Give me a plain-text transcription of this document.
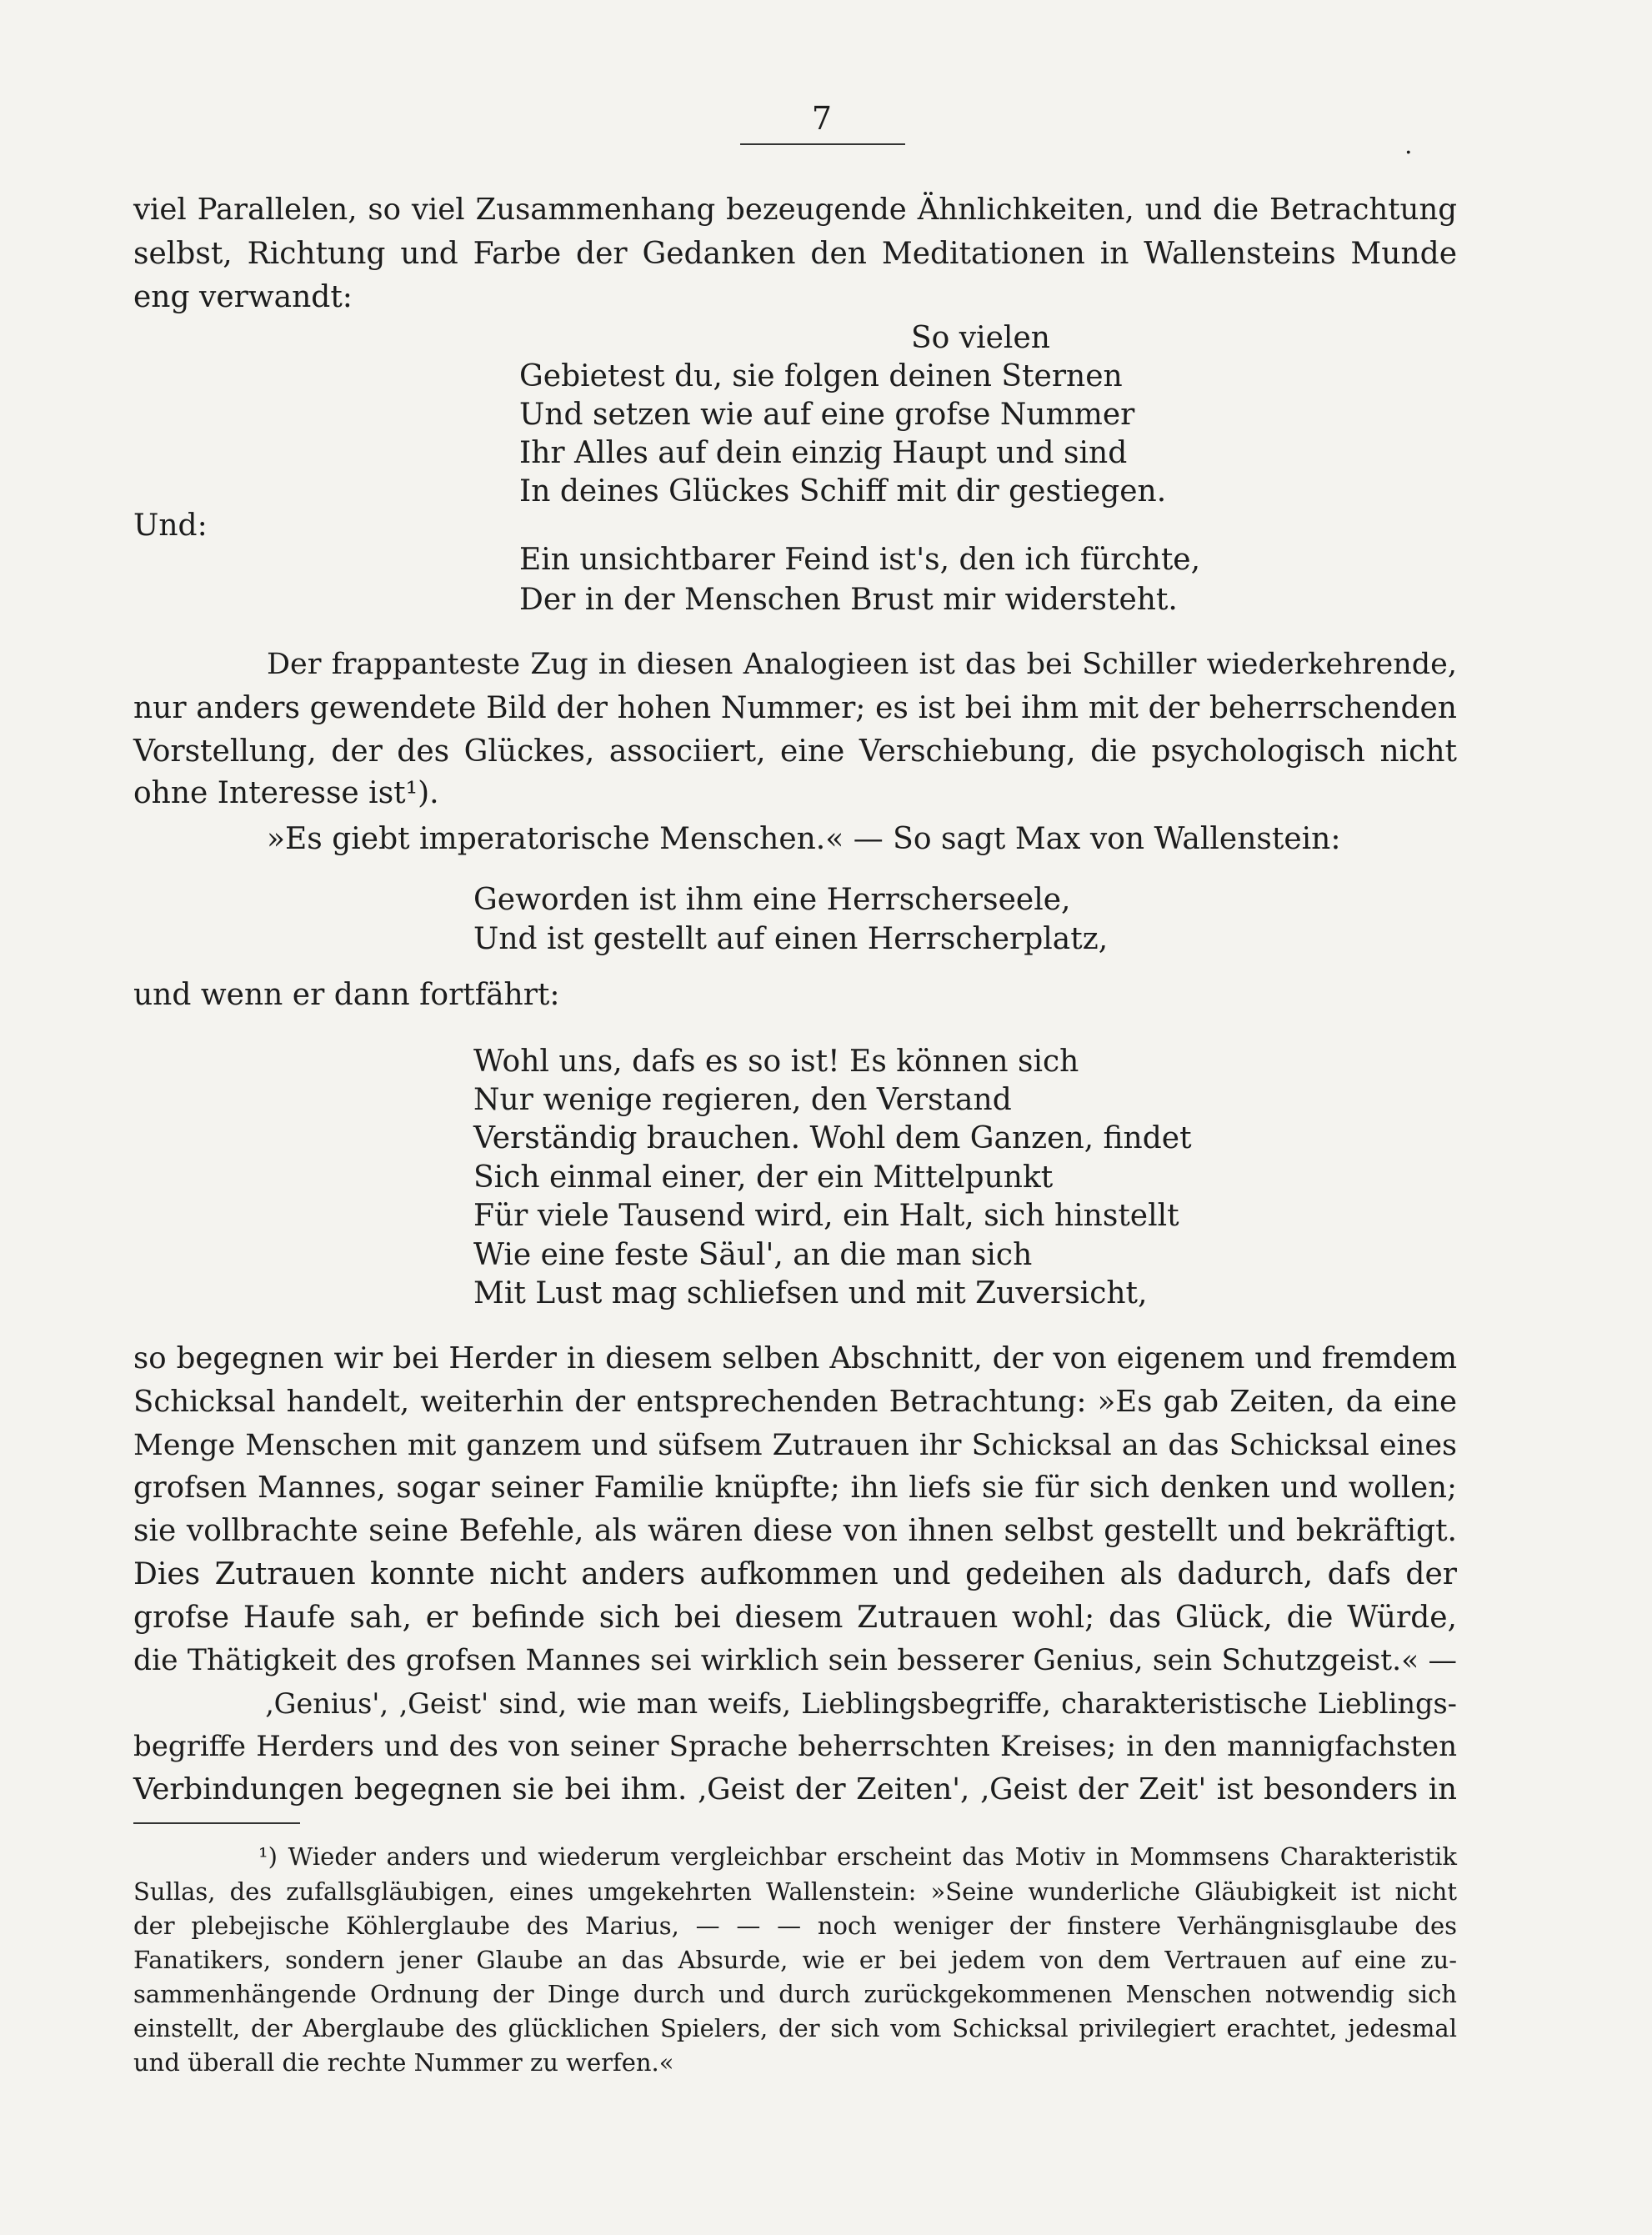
7
.
viel Parallelen, so viel Zusammenhang bezeugende Ähnlichkeiten, und die Betrachtung
selbst, Richtung und Farbe der Gedanken den Meditationen in Wallensteins Munde
eng verwandt:
So vielen
Gebietest du, sie folgen deinen Sternen
Und setzen wie auf eine grofse Nummer
Ihr Alles auf dein einzig Haupt und sind
In deines Glückes Schiff mit dir gestiegen.
Und:
Ein unsichtbarer Feind ist's, den ich fürchte,
Der in der Menschen Brust mir widersteht.
Der frappanteste Zug in diesen Analogieen ist das bei Schiller wiederkehrende,
nur anders gewendete Bild der hohen Nummer; es ist bei ihm mit der beherrschenden
Vorstellung, der des Glückes, associiert, eine Verschiebung, die psychologisch nicht
ohne Interesse ist¹).
»Es giebt imperatorische Menschen.« — So sagt Max von Wallenstein:
Geworden ist ihm eine Herrscherseele,
Und ist gestellt auf einen Herrscherplatz,
und wenn er dann fortfährt:
Wohl uns, dafs es so ist! Es können sich
Nur wenige regieren, den Verstand
Verständig brauchen. Wohl dem Ganzen, findet
Sich einmal einer, der ein Mittelpunkt
Für viele Tausend wird, ein Halt, sich hinstellt
Wie eine feste Säul', an die man sich
Mit Lust mag schliefsen und mit Zuversicht,
so begegnen wir bei Herder in diesem selben Abschnitt, der von eigenem und fremdem
Schicksal handelt, weiterhin der entsprechenden Betrachtung: »Es gab Zeiten, da eine
Menge Menschen mit ganzem und süfsem Zutrauen ihr Schicksal an das Schicksal eines
grofsen Mannes, sogar seiner Familie knüpfte; ihn liefs sie für sich denken und wollen;
sie vollbrachte seine Befehle, als wären diese von ihnen selbst gestellt und bekräftigt.
Dies Zutrauen konnte nicht anders aufkommen und gedeihen als dadurch, dafs der
grofse Haufe sah, er befinde sich bei diesem Zutrauen wohl; das Glück, die Würde,
die Thätigkeit des grofsen Mannes sei wirklich sein besserer Genius, sein Schutzgeist.« —
‚Genius', ‚Geist' sind, wie man weifs, Lieblingsbegriffe, charakteristische Lieblings-
begriffe Herders und des von seiner Sprache beherrschten Kreises; in den mannigfachsten
Verbindungen begegnen sie bei ihm. ‚Geist der Zeiten', ‚Geist der Zeit' ist besonders in
¹) Wieder anders und wiederum vergleichbar erscheint das Motiv in Mommsens Charakteristik
Sullas, des zufallsgläubigen, eines umgekehrten Wallenstein: »Seine wunderliche Gläubigkeit ist nicht
der plebejische Köhlerglaube des Marius, — — — noch weniger der finstere Verhängnisglaube des
Fanatikers, sondern jener Glaube an das Absurde, wie er bei jedem von dem Vertrauen auf eine zu-
sammenhängende Ordnung der Dinge durch und durch zurückgekommenen Menschen notwendig sich
einstellt, der Aberglaube des glücklichen Spielers, der sich vom Schicksal privilegiert erachtet, jedesmal
und überall die rechte Nummer zu werfen.«
